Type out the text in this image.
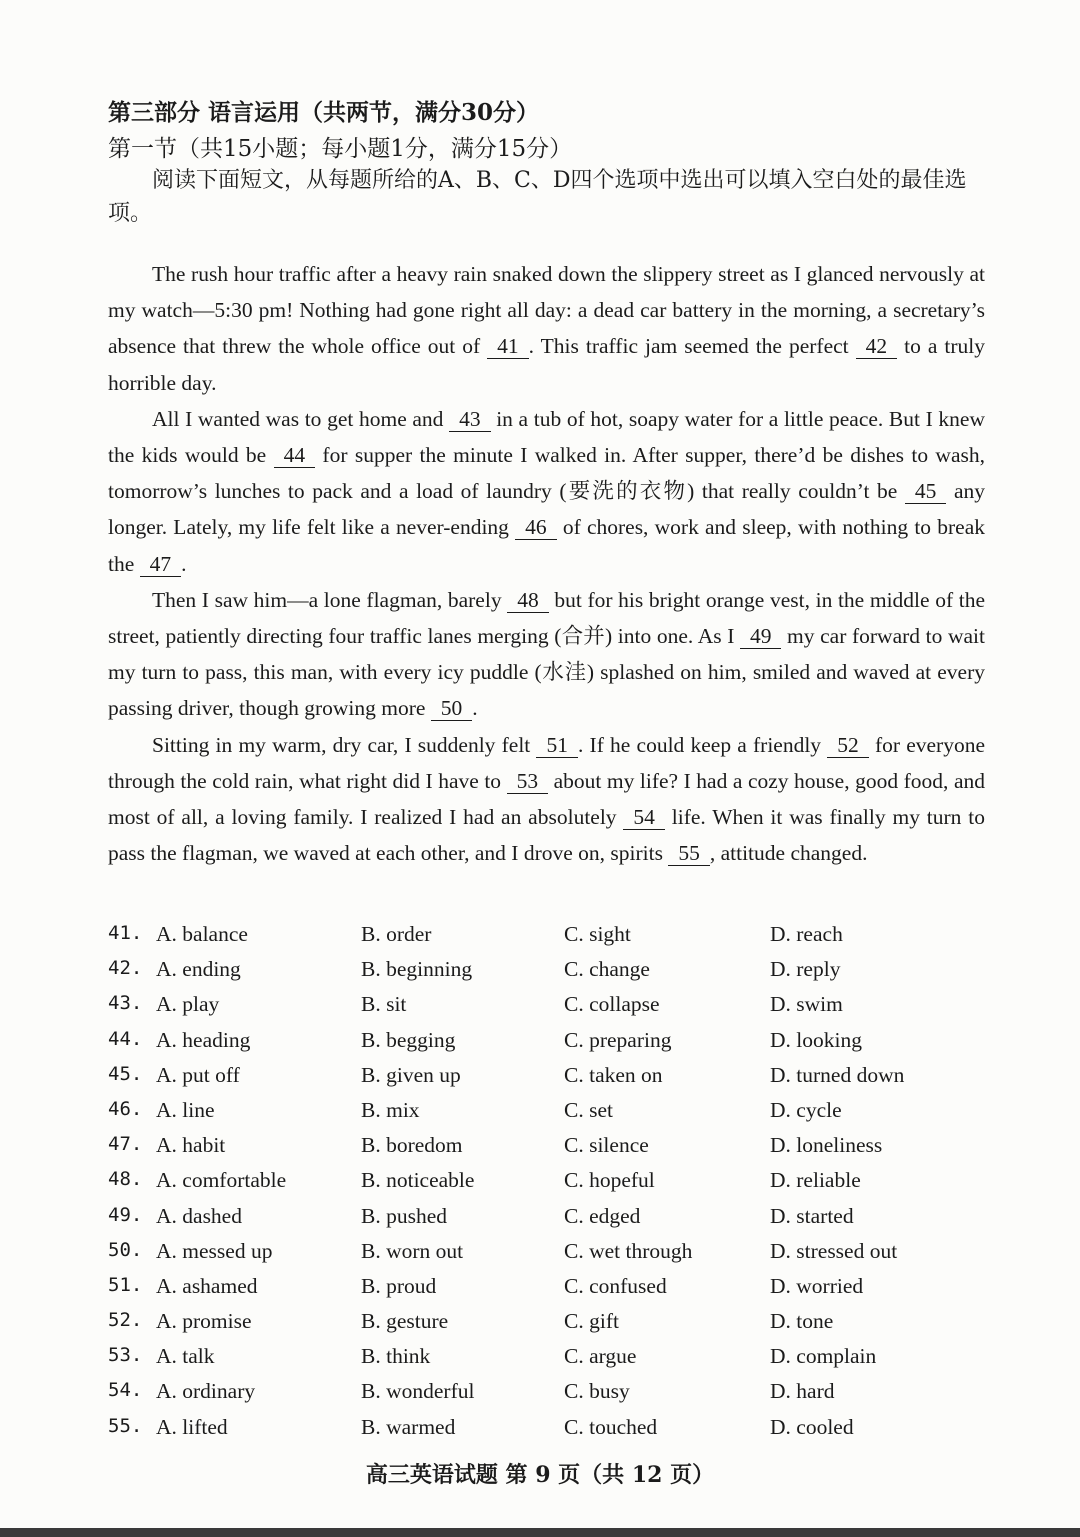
第三部分 语言运用（共两节，满分30分）
第一节（共15小题；每小题1分，满分15分）
阅读下面短文，从每题所给的A、B、C、D四个选项中选出可以填入空白处的最佳选项。

The rush hour traffic after a heavy rain snaked down the slippery street as I glanced nervously at my watch—5:30 pm! Nothing had gone right all day: a dead car battery in the morning, a secretary’s absence that threw the whole office out of 41 . This traffic jam seemed the perfect 42 to a truly horrible day.

All I wanted was to get home and 43 in a tub of hot, soapy water for a little peace. But I knew the kids would be 44 for supper the minute I walked in. After supper, there’d be dishes to wash, tomorrow’s lunches to pack and a load of laundry (要洗的衣物) that really couldn’t be 45 any longer. Lately, my life felt like a never-ending 46 of chores, work and sleep, with nothing to break the 47 .

Then I saw him—a lone flagman, barely 48 but for his bright orange vest, in the middle of the street, patiently directing four traffic lanes merging (合并) into one. As I 49 my car forward to wait my turn to pass, this man, with every icy puddle (水洼) splashed on him, smiled and waved at every passing driver, though growing more 50 .

Sitting in my warm, dry car, I suddenly felt 51 . If he could keep a friendly 52 for everyone through the cold rain, what right did I have to 53 about my life? I had a cozy house, good food, and most of all, a loving family. I realized I had an absolutely 54 life. When it was finally my turn to pass the flagman, we waved at each other, and I drove on, spirits 55 , attitude changed.

41. A. balance	B. order	C. sight	D. reach
42. A. ending	B. beginning	C. change	D. reply
43. A. play	B. sit	C. collapse	D. swim
44. A. heading	B. begging	C. preparing	D. looking
45. A. put off	B. given up	C. taken on	D. turned down
46. A. line	B. mix	C. set	D. cycle
47. A. habit	B. boredom	C. silence	D. loneliness
48. A. comfortable	B. noticeable	C. hopeful	D. reliable
49. A. dashed	B. pushed	C. edged	D. started
50. A. messed up	B. worn out	C. wet through	D. stressed out
51. A. ashamed	B. proud	C. confused	D. worried
52. A. promise	B. gesture	C. gift	D. tone
53. A. talk	B. think	C. argue	D. complain
54. A. ordinary	B. wonderful	C. busy	D. hard
55. A. lifted	B. warmed	C. touched	D. cooled
高三英语试题 第 9 页（共 12 页）
